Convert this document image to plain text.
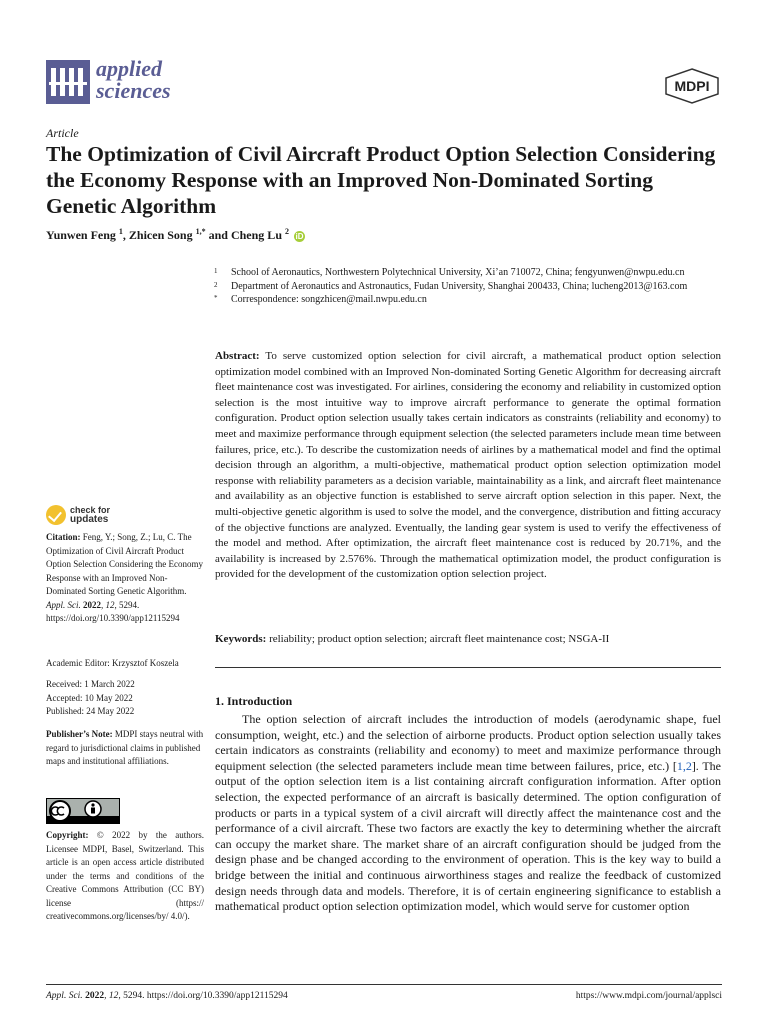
applied
sciences	MDPI
Article
The Optimization of Civil Aircraft Product Option Selection Considering the Economy Response with an Improved Non-Dominated Sorting Genetic Algorithm
Yunwen Feng $^1$, Zhicen Song $^{1,*}$ and Cheng Lu $^2$ iD
1	School of Aeronautics, Northwestern Polytechnical University, Xi’an 710072, China; fengyunwen@nwpu.edu.cn
2	Department of Aeronautics and Astronautics, Fudan University, Shanghai 200433, China; lucheng2013@163.com
*	Correspondence: songzhicen@mail.nwpu.edu.cn

Abstract: To serve customized option selection for civil aircraft, a mathematical product option selection optimization model combined with an Improved Non-dominated Sorting Genetic Algorithm for decreasing aircraft fleet maintenance cost was investigated. For airlines, considering the economy and reliability in customized option selection is the most intuitive way to improve aircraft performance to generate the optimal formation configuration. Product option selection usually takes certain indicators as constraints (reliability and economy) to meet and maximize performance through equipment selection (the selected parameters include mean time between failures, price, etc.). To describe the customization needs of airlines by a mathematical model and find the optimal decision through an algorithm, a multi-objective, mathematical product option selection optimization model response with reliability parameters as a decision variable, maintainability as a link, and aircraft fleet maintenance and availability as an objective function is established to serve aircraft option selection in this paper. Next, the multi-objective genetic algorithm is used to solve the model, and the convergence, distribution and fitting accuracy of the objective functions are analyzed. Eventually, the landing gear system is used to verify the effectiveness of the model and method. After optimization, the aircraft fleet maintenance cost is reduced by 20.71%, and the availability is increased by 2.576%. Through the mathematical optimization model, the product configuration is provided for the development of the customization option selection project.

Keywords: reliability; product option selection; aircraft fleet maintenance cost; NSGA-II
1. Introduction

The option selection of aircraft includes the introduction of models (aerodynamic shape, fuel consumption, weight, etc.) and the selection of airborne products. Product option selection usually takes certain indicators as constraints (reliability and economy) to meet and maximize performance through equipment selection (the selected parameters include mean time between failures, price, etc.) [1,2]. The output of the option selection item is a list containing aircraft configuration information. After option selection, the expected performance of an aircraft is basically determined. The option configuration of products or parts in a typical system of a civil aircraft will directly affect the maintenance cost and the performance of a civil aircraft. These two factors are exactly the key to determining whether the aircraft can occupy the market share. The market share of an aircraft configuration should be judged from the design phase and be changed according to the environment of operation. This is the key way to build a bridge between the initial and continuous airworthiness stages and realize the feedback of customized design needs through data and models. Therefore, it is of certain engineering significance to establish a mathematical product option selection optimization model, which would serve for customer option

check for
updates
Citation: Feng, Y.; Song, Z.; Lu, C. The Optimization of Civil Aircraft Product Option Selection Considering the Economy Response with an Improved Non-Dominated Sorting Genetic Algorithm. Appl. Sci. 2022, 12, 5294. https://doi.org/10.3390/app12115294
Academic Editor: Krzysztof Koszela
Received: 1 March 2022
Accepted: 10 May 2022
Published: 24 May 2022
Publisher’s Note: MDPI stays neutral with regard to jurisdictional claims in published maps and institutional affiliations.
Copyright: © 2022 by the authors. Licensee MDPI, Basel, Switzerland. This article is an open access article distributed under the terms and conditions of the Creative Commons Attribution (CC BY) license (https:// creativecommons.org/licenses/by/ 4.0/).
Appl. Sci. 2022, 12, 5294. https://doi.org/10.3390/app12115294	https://www.mdpi.com/journal/applsci
